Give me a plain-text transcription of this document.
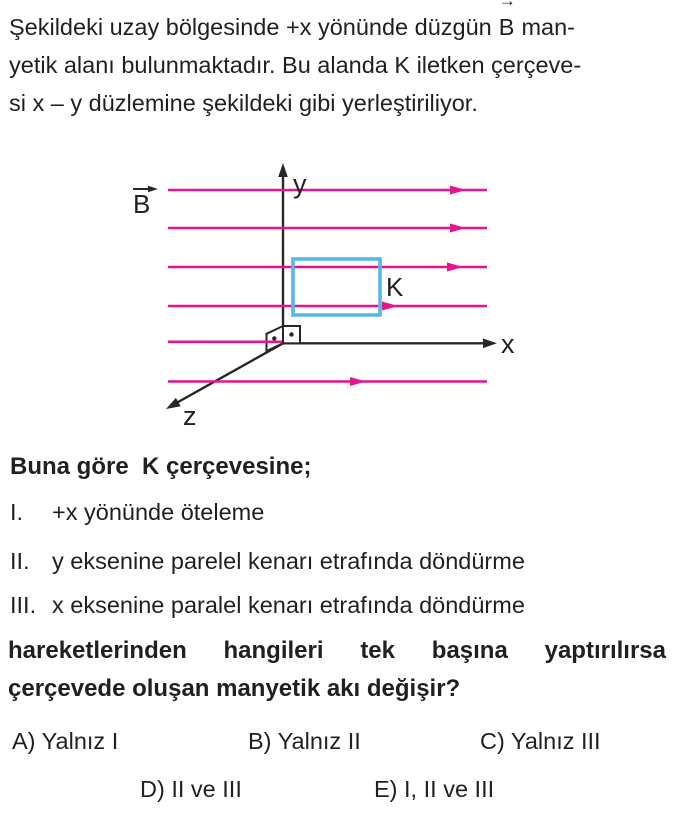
Şekildeki uzay bölgesinde +x yönünde düzgün
→
B man-
yetik alanı bulunmaktadır. Bu alanda K iletken çerçeve-
si x – y düzlemine şekildeki gibi yerleştiriliyor.

B
y
x
z
K
Buna göre  K çerçevesine;
I.	+x yönünde öteleme
II. y eksenine parelel kenarı etrafında döndürme
III. x eksenine paralel kenarı etrafında döndürme
hareketlerinden hangileri tek başına yaptırılırsa
çerçevede oluşan manyetik akı değişir?
A) Yalnız I	B) Yalnız II	C) Yalnız III
D) II ve III	E) I, II ve III
